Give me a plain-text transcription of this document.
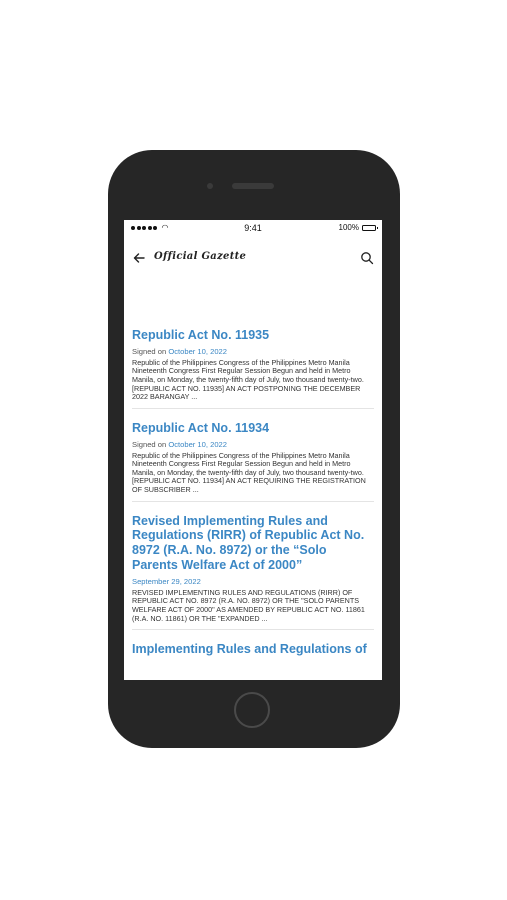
◠	9:41	100%
Official Gazette
Republic Act No. 11935
Signed on October 10, 2022
Republic of the Philippines Congress of the Philippines Metro Manila Nineteenth Congress First Regular Session Begun and held in Metro Manila, on Monday, the twenty-fifth day of July, two thousand twenty-two. [REPUBLIC ACT NO. 11935] AN ACT POSTPONING THE DECEMBER 2022 BARANGAY ...
Republic Act No. 11934
Signed on October 10, 2022
Republic of the Philippines Congress of the Philippines Metro Manila Nineteenth Congress First Regular Session Begun and held in Metro Manila, on Monday, the twenty-fifth day of July, two thousand twenty-two. [REPUBLIC ACT NO. 11934] AN ACT REQUIRING THE REGISTRATION OF SUBSCRIBER ...
Revised Implementing Rules and Regulations (RIRR) of Republic Act No. 8972 (R.A. No. 8972) or the “Solo Parents Welfare Act of 2000”
September 29, 2022
REVISED IMPLEMENTING RULES AND REGULATIONS (RIRR) OF REPUBLIC ACT NO. 8972 (R.A. NO. 8972) OR THE "SOLO PARENTS WELFARE ACT OF 2000" AS AMENDED BY REPUBLIC ACT NO. 11861 (R.A. NO. 11861) OR THE "EXPANDED ...
Implementing Rules and Regulations of
